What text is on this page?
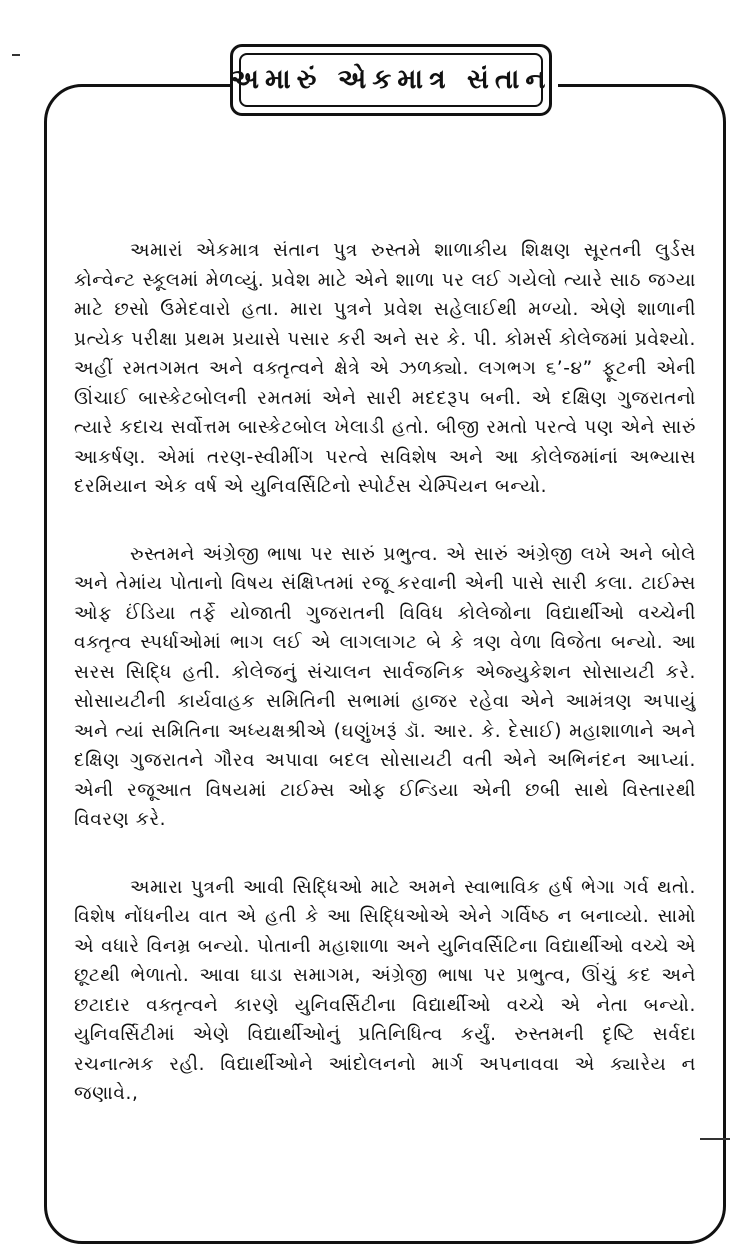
અમારું એકમાત્ર સંતાન

અમારાં એકમાત્ર સંતાન પુત્ર રુસ્તમે શાળાકીય શિક્ષણ સૂરતની લુર્ડસ કોન્વેન્ટ સ્કૂલમાં મેળવ્યું. પ્રવેશ માટે એને શાળા પર લઈ ગયેલો ત્યારે સાઠ જગ્યા માટે છસો ઉમેદવારો હતા. મારા પુત્રને પ્રવેશ સહેલાઈથી મળ્યો. એણે શાળાની પ્રત્યેક પરીક્ષા પ્રથમ પ્રયાસે પસાર કરી અને સર કે. પી. કોમર્સ કોલેજમાં પ્રવેશ્યો. અહીં રમતગમત અને વક્તૃત્વને ક્ષેત્રે એ ઝળક્યો. લગભગ ૬’-૪” ફૂટની એની ઊંચાઈ બાસ્કેટબોલની રમતમાં એને સારી મદદરૂપ બની. એ દક્ષિણ ગુજરાતનો ત્યારે કદાચ સર્વોત્તમ બાસ્કેટબોલ ખેલાડી હતો. બીજી રમતો પરત્વે પણ એને સારું આકર્ષણ. એમાં તરણ-સ્વીમીંગ પરત્વે સવિશેષ અને આ કોલેજમાંનાં અભ્યાસ દરમિયાન એક વર્ષ એ યુનિવર્સિટિનો સ્પોર્ટસ ચેમ્પિયન બન્યો.

રુસ્તમને અંગ્રેજી ભાષા પર સારું પ્રભુત્વ. એ સારું અંગ્રેજી લખે અને બોલે અને તેમાંય પોતાનો વિષય સંક્ષિપ્તમાં રજૂ કરવાની એની પાસે સારી કલા. ટાઈમ્સ ઓફ ઈંડિયા તર્ફે યોજાતી ગુજરાતની વિવિધ કોલેજોના વિદ્યાર્થીઓ વચ્ચેની વક્તૃત્વ સ્પર્ધાઓમાં ભાગ લઈ એ લાગલાગટ બે કે ત્રણ વેળા વિજેતા બન્યો. આ સરસ સિદ્ધિ હતી. કોલેજનું સંચાલન સાર્વજનિક એજ્યુકેશન સોસાયટી કરે. સોસાયટીની કાર્યવાહક સમિતિની સભામાં હાજર રહેવા એને આમંત્રણ અપાયું અને ત્યાં સમિતિના અધ્યક્ષશ્રીએ (ઘણુંખરૂં ડૉ. આર. કે. દેસાઈ) મહાશાળાને અને દક્ષિણ ગુજરાતને ગૌરવ અપાવા બદલ સોસાયટી વતી એને અભિનંદન આપ્યાં. એની રજૂઆત વિષયમાં ટાઈમ્સ ઓફ ઈન્ડિયા એની છબી સાથે વિસ્તારથી વિવરણ કરે.

અમારા પુત્રની આવી સિદ્ધિઓ માટે અમને સ્વાભાવિક હર્ષ ભેગા ગર્વ થતો. વિશેષ નોંધનીય વાત એ હતી કે આ સિદ્ધિઓએ એને ગર્વિષ્ઠ ન બનાવ્યો. સામો એ વધારે વિનમ્ર બન્યો. પોતાની મહાશાળા અને યુનિવર્સિટિના વિદ્યાર્થીઓ વચ્ચે એ છૂટથી ભેળાતો. આવા ઘાડા સમાગમ, અંગ્રેજી ભાષા પર પ્રભુત્વ, ઊંચું કદ અને છટાદાર વક્તૃત્વને કારણે યુનિવર્સિટીના વિદ્યાર્થીઓ વચ્ચે એ નેતા બન્યો. યુનિવર્સિટીમાં એણે વિદ્યાર્થીઓનું પ્રતિનિધિત્વ કર્યું. રુસ્તમની દૃષ્ટિ સર્વદા રચનાત્મક રહી. વિદ્યાર્થીઓને આંદોલનનો માર્ગ અપનાવવા એ ક્યારેય ન જણાવે.,
